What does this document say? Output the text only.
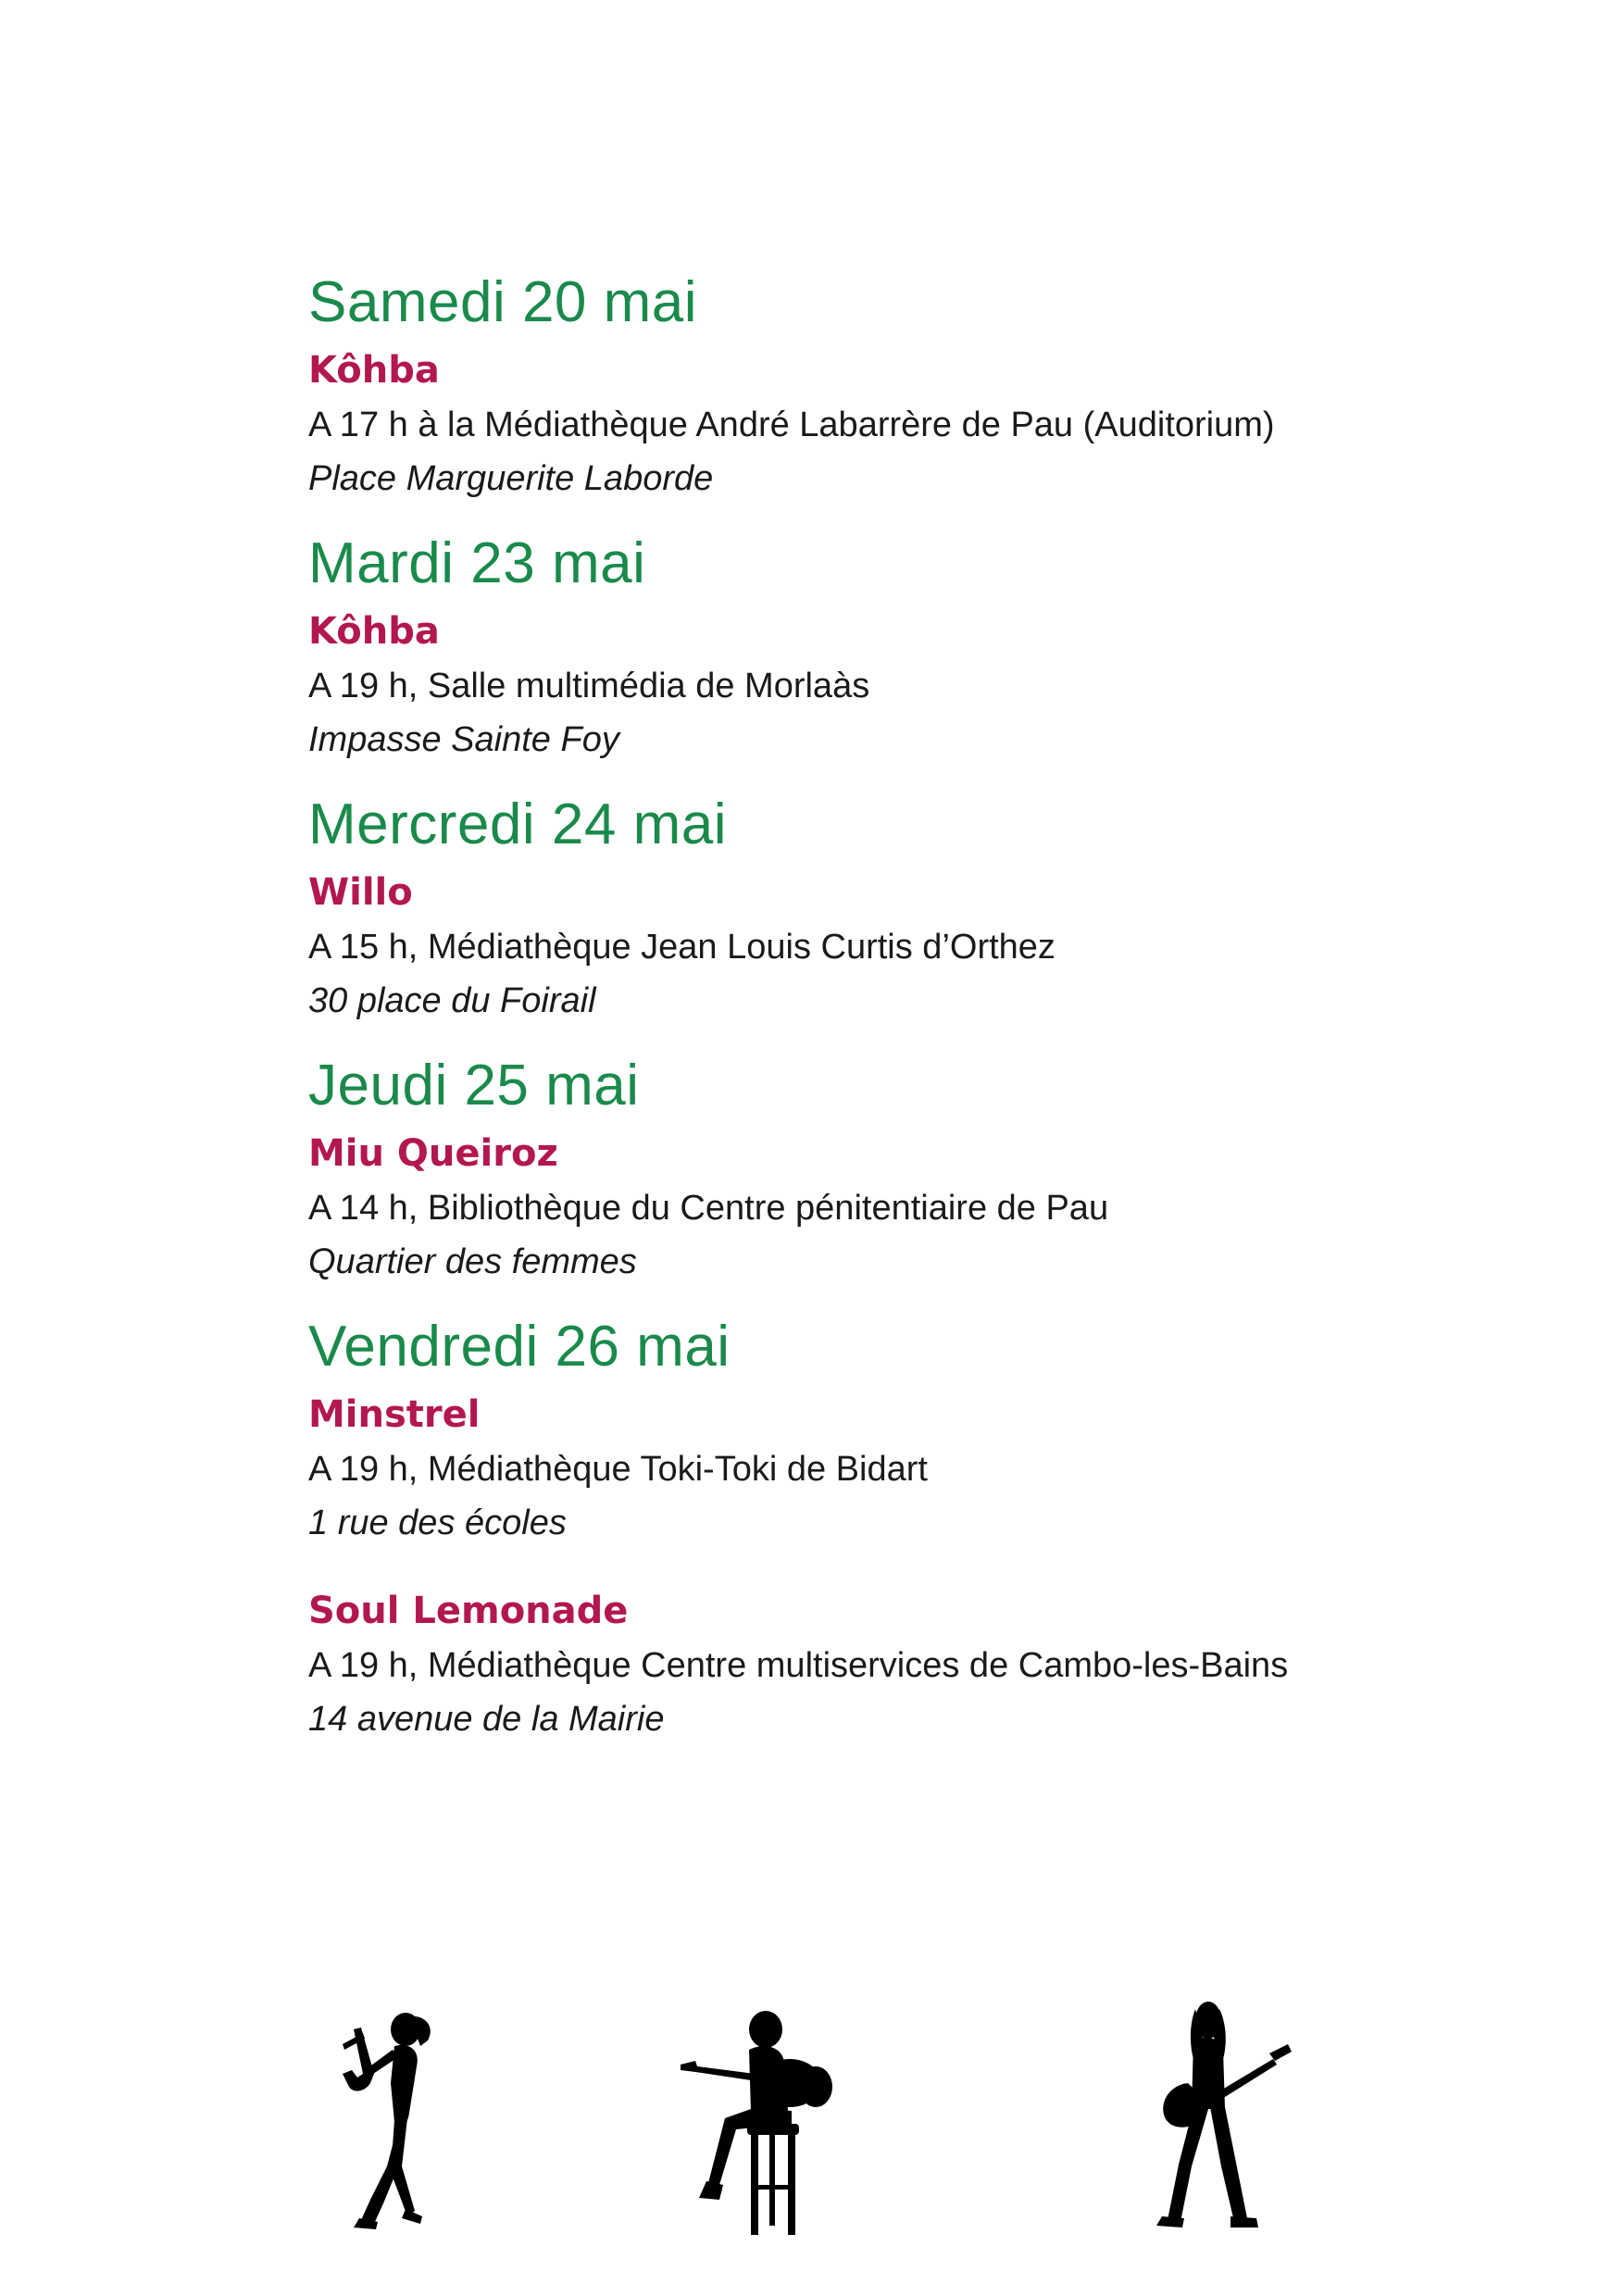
Samedi 20 mai
Kôhba
A 17 h à la Médiathèque André Labarrère de Pau (Auditorium)
Place Marguerite Laborde
Mardi 23 mai
Kôhba
A 19 h, Salle multimédia de Morlaàs
Impasse Sainte Foy
Mercredi 24 mai
Willo
A 15 h, Médiathèque Jean Louis Curtis d’Orthez
30 place du Foirail
Jeudi 25 mai
Miu Queiroz
A 14 h, Bibliothèque du Centre pénitentiaire de Pau
Quartier des femmes
Vendredi 26 mai
Minstrel
A 19 h, Médiathèque Toki-Toki de Bidart
1 rue des écoles
Soul Lemonade
A 19 h, Médiathèque Centre multiservices de Cambo-les-Bains
14 avenue de la Mairie
